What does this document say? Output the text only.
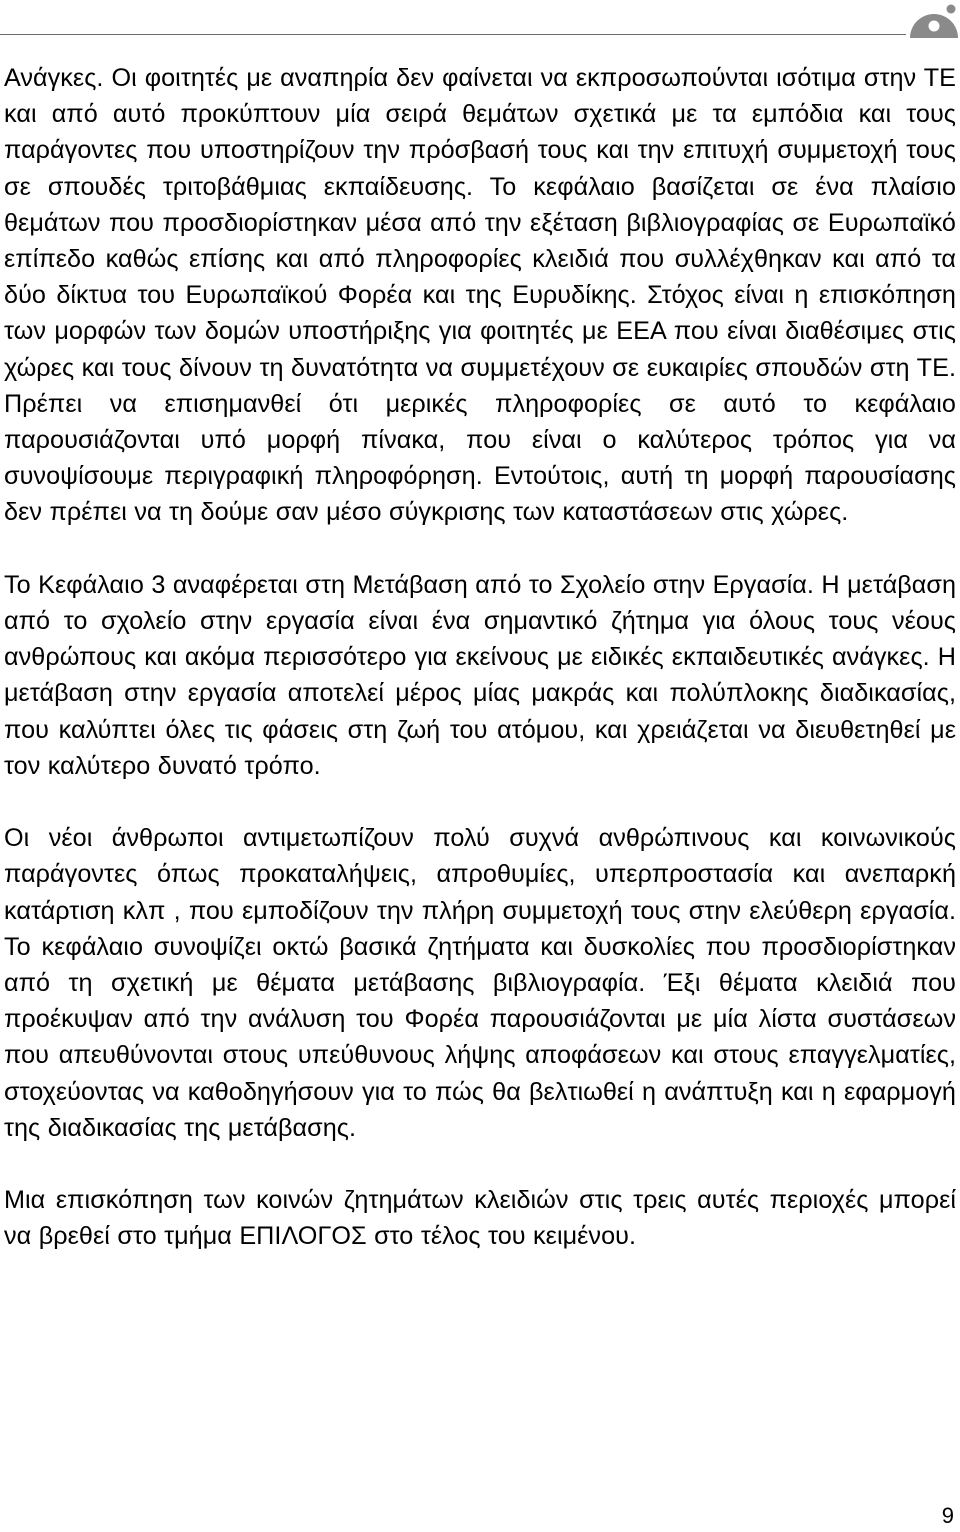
Ανάγκες. Οι φοιτητές με αναπηρία δεν φαίνεται να εκπροσωπούνται ισότιμα στην ΤΕ και από αυτό προκύπτουν μία σειρά θεμάτων σχετικά με τα εμπόδια και τους παράγοντες που υποστηρίζουν την πρόσβασή τους και την επιτυχή συμμετοχή τους σε σπουδές τριτοβάθμιας εκπαίδευσης. Το κεφάλαιο βασίζεται σε ένα πλαίσιο θεμάτων που προσδιορίστηκαν μέσα από την εξέταση βιβλιογραφίας σε Ευρωπαϊκό επίπεδο καθώς επίσης και από πληροφορίες κλειδιά που συλλέχθηκαν και από τα δύο δίκτυα του Ευρωπαϊκού Φορέα και της Ευρυδίκης. Στόχος είναι η επισκόπηση των μορφών των δομών υποστήριξης για φοιτητές με ΕΕΑ που είναι διαθέσιμες στις χώρες και τους δίνουν τη δυνατότητα να συμμετέχουν σε ευκαιρίες σπουδών στη ΤΕ. Πρέπει να επισημανθεί ότι μερικές πληροφορίες σε αυτό το κεφάλαιο παρουσιάζονται υπό μορφή πίνακα, που είναι ο καλύτερος τρόπος για να συνοψίσουμε περιγραφική πληροφόρηση. Εντούτοις, αυτή τη μορφή παρουσίασης δεν πρέπει να τη δούμε σαν μέσο σύγκρισης των καταστάσεων στις χώρες.

Το Κεφάλαιο 3 αναφέρεται στη Μετάβαση από το Σχολείο στην Εργασία. Η μετάβαση από το σχολείο στην εργασία είναι ένα σημαντικό ζήτημα για όλους τους νέους ανθρώπους και ακόμα περισσότερο για εκείνους με ειδικές εκπαιδευτικές ανάγκες. Η μετάβαση στην εργασία αποτελεί μέρος μίας μακράς και πολύπλοκης διαδικασίας, που καλύπτει όλες τις φάσεις στη ζωή του ατόμου, και χρειάζεται να διευθετηθεί με τον καλύτερο δυνατό τρόπο.

Οι νέοι άνθρωποι αντιμετωπίζουν πολύ συχνά ανθρώπινους και κοινωνικούς παράγοντες όπως προκαταλήψεις, απροθυμίες, υπερπροστασία και ανεπαρκή κατάρτιση κλπ , που εμποδίζουν την πλήρη συμμετοχή τους στην ελεύθερη εργασία. Το κεφάλαιο συνοψίζει οκτώ βασικά ζητήματα και δυσκολίες που προσδιορίστηκαν από τη σχετική με θέματα μετάβασης βιβλιογραφία. Έξι θέματα κλειδιά που προέκυψαν από την ανάλυση του Φορέα παρουσιάζονται με μία λίστα συστάσεων που απευθύνονται στους υπεύθυνους λήψης αποφάσεων και στους επαγγελματίες, στοχεύοντας να καθοδηγήσουν για το πώς θα βελτιωθεί η ανάπτυξη και η εφαρμογή της διαδικασίας της μετάβασης.

Μια επισκόπηση των κοινών ζητημάτων κλειδιών στις τρεις αυτές περιοχές μπορεί να βρεθεί στο τμήμα ΕΠΙΛΟΓΟΣ στο τέλος του κειμένου.

9
